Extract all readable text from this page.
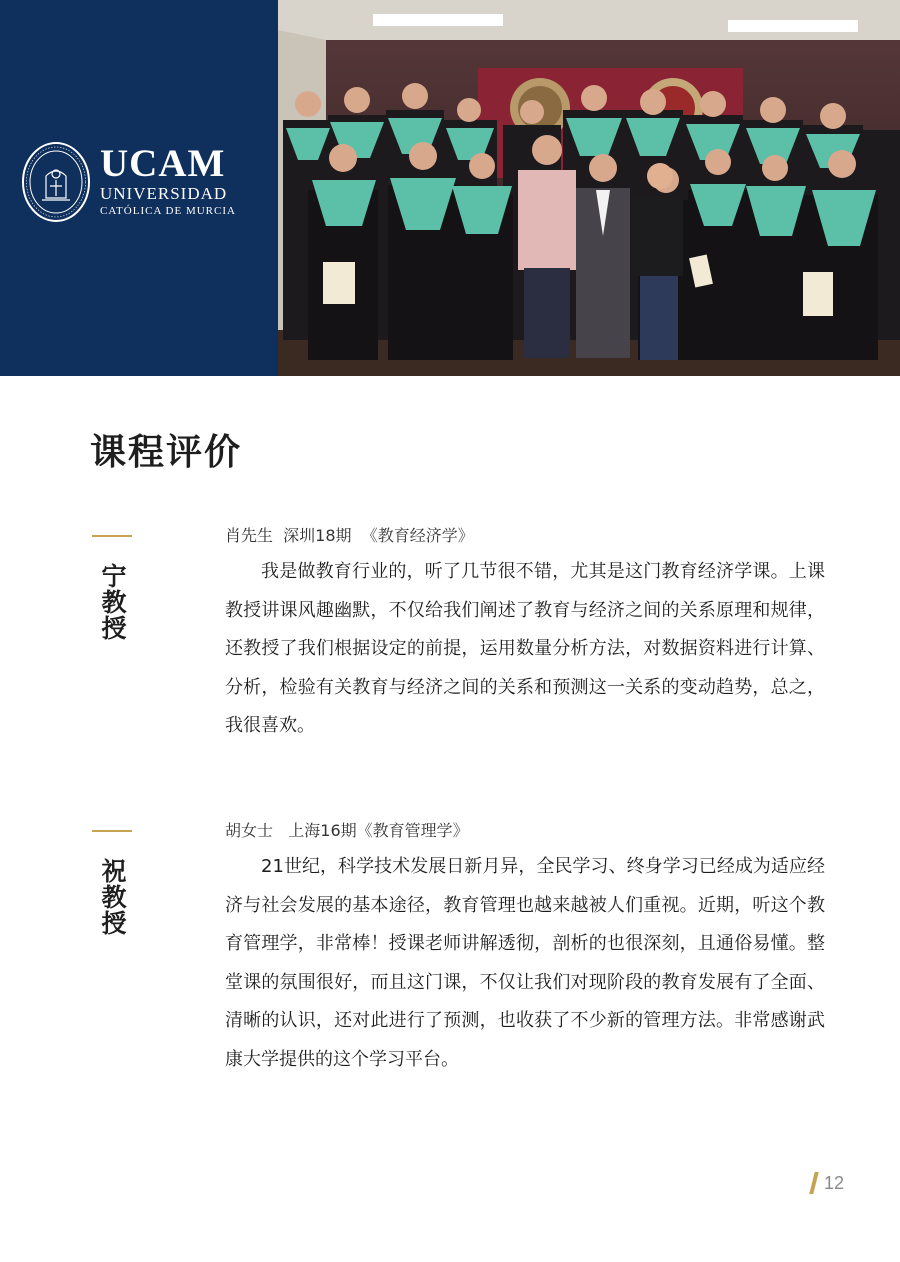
UCAM
UNIVERSIDAD
CATÓLICA DE MURCIA
课程评价
宁教授
肖先生  深圳18期  《教育经济学》

我是做教育行业的，听了几节很不错，尤其是这门教育经济学课。上课教授讲课风趣幽默，不仅给我们阐述了教育与经济之间的关系原理和规律，还教授了我们根据设定的前提，运用数量分析方法，对数据资料进行计算、分析，检验有关教育与经济之间的关系和预测这一关系的变动趋势，总之，我很喜欢。

祝教授
胡女士   上海16期《教育管理学》

21世纪，科学技术发展日新月异，全民学习、终身学习已经成为适应经济与社会发展的基本途径，教育管理也越来越被人们重视。近期，听这个教育管理学，非常棒！授课老师讲解透彻，剖析的也很深刻，且通俗易懂。整堂课的氛围很好，而且这门课，不仅让我们对现阶段的教育发展有了全面、清晰的认识，还对此进行了预测，也收获了不少新的管理方法。非常感谢武康大学提供的这个学习平台。

12
